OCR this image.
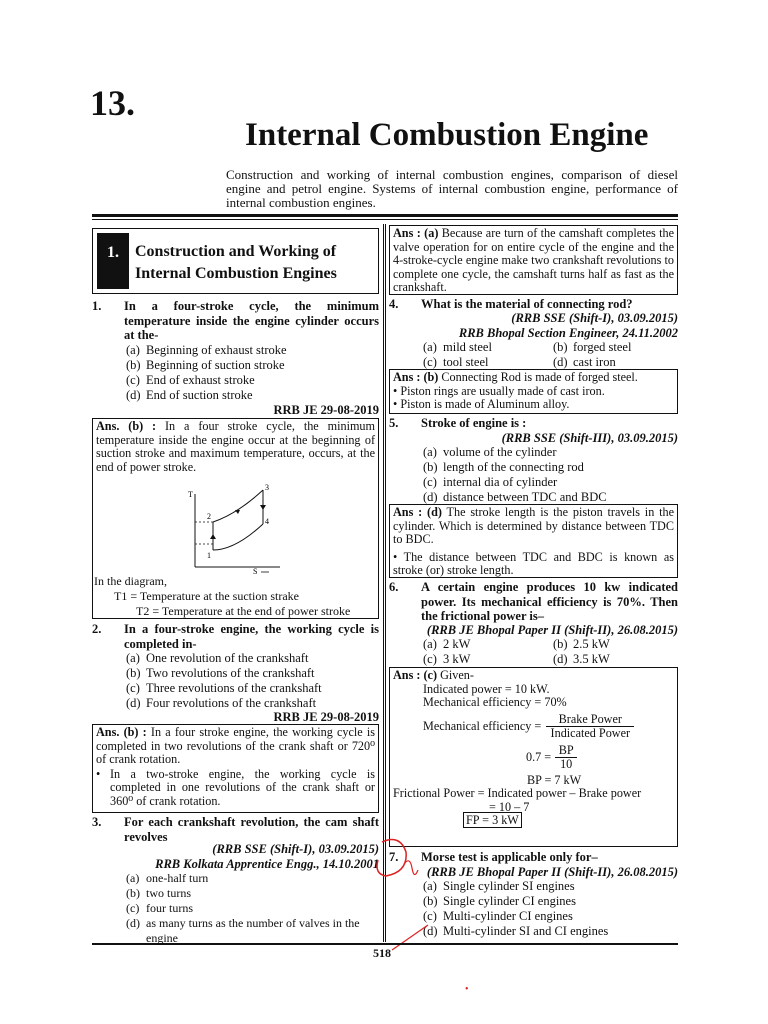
13.
Internal Combustion Engine
Construction and working of internal combustion engines, comparison of diesel engine and petrol engine. Systems of internal combustion engine, performance of internal combustion engines.
1.	Construction and Working of
Internal Combustion Engines
1. In a four-stroke cycle, the minimum temperature inside the engine cylinder occurs at the-
(a) Beginning of exhaust stroke
(b) Beginning of suction stroke
(c) End of exhaust stroke
(d) End of suction stroke
RRB JE 29-08-2019
Ans. (b) : In a four stroke cycle, the minimum temperature inside the engine occur at the beginning of suction stroke and maximum temperature, occurs, at the end of power stroke.
T
1
2
3
4
S
In the diagram,
T1 = Temperature at the suction strake
T2 = Temperature at the end of power stroke
2. In a four-stroke engine, the working cycle is completed in-
(a) One revolution of the crankshaft
(b) Two revolutions of the crankshaft
(c) Three revolutions of the crankshaft
(d) Four revolutions of the crankshaft
RRB JE 29-08-2019
Ans. (b) : In a four stroke engine, the working cycle is completed in two revolutions of the crank shaft or 720⁰ of crank rotation.
• In a two-stroke engine, the working cycle is completed in one revolutions of the crank shaft or 360⁰ of crank rotation.
3. For each crankshaft revolution, the cam shaft revolves
(RRB SSE (Shift-I), 03.09.2015)
RRB Kolkata Apprentice Engg., 14.10.2001
(a) one-half turn
(b) two turns
(c) four turns
(d) as many turns as the number of valves in the
engine
Ans : (a) Because are turn of the camshaft completes the valve operation for on entire cycle of the engine and the 4-stroke-cycle engine make two crankshaft revolutions to complete one cycle, the camshaft turns half as fast as the crankshaft.
4. What is the material of connecting rod?
(RRB SSE (Shift-I), 03.09.2015)
RRB Bhopal Section Engineer, 24.11.2002
(a) mild steel	(b) forged steel
(c) tool steel	(d) cast iron
Ans : (b) Connecting Rod is made of forged steel.
• Piston rings are usually made of cast iron.
• Piston is made of Aluminum alloy.
5. Stroke of engine is :
(RRB SSE (Shift-III), 03.09.2015)
(a) volume of the cylinder
(b) length of the connecting rod
(c) internal dia of cylinder
(d) distance between TDC and BDC
Ans : (d) The stroke length is the piston travels in the cylinder. Which is determined by distance between TDC to BDC.
• The distance between TDC and BDC is known as stroke (or) stroke length.
6. A certain engine produces 10 kw indicated power. Its mechanical efficiency is 70%. Then the frictional power is–
(RRB JE Bhopal Paper II (Shift-II), 26.08.2015)
(a) 2 kW	(b) 2.5 kW
(c) 3 kW	(d) 3.5 kW
Ans : (c) Given-
Indicated power = 10 kW.
Mechanical efficiency = 70%
Mechanical efficiency =
Brake Power
Indicated Power
$0.7 = \frac{BP}{10}$
BP = 7 kW
Frictional Power = Indicated power – Brake power
= 10 – 7
FP = 3 kW
7. Morse test is applicable only for–
(RRB JE Bhopal Paper II (Shift-II), 26.08.2015)
(a) Single cylinder SI engines
(b) Single cylinder CI engines
(c) Multi-cylinder CI engines
(d) Multi-cylinder SI and CI engines
•
518
